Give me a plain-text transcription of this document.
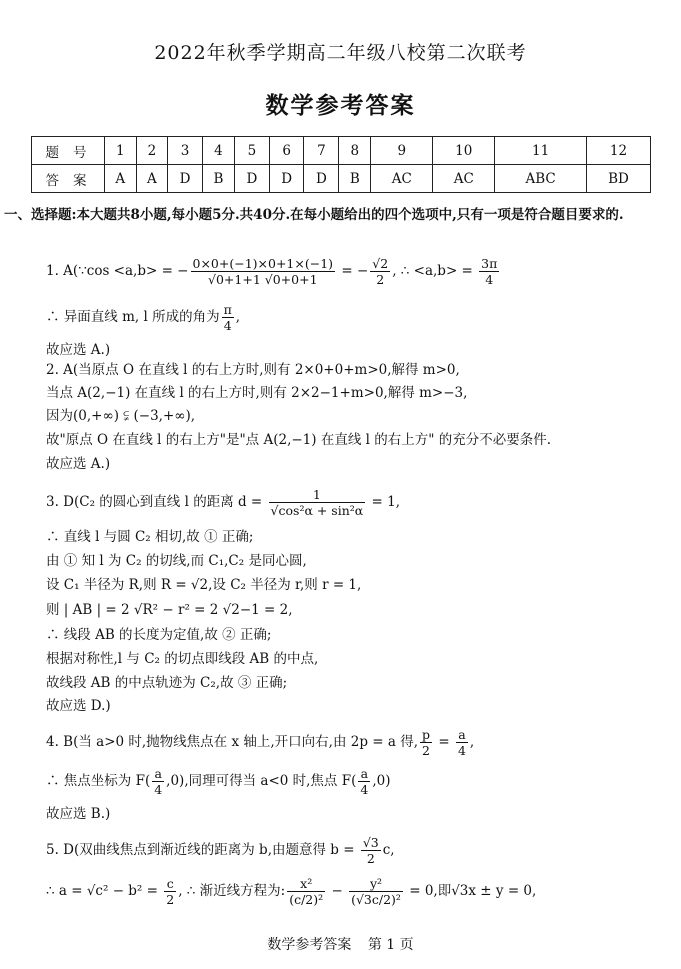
2022年秋季学期高二年级八校第二次联考
数学参考答案
题号	1	2	3	4	5	6	7	8	9	10	11	12
答案	A	A	D	B	D	D	D	B	AC	AC	ABC	BD
一、选择题:本大题共8小题,每小题5分.共40分.在每小题给出的四个选项中,只有一项是符合题目要求的.
1. A(∵cos <a,b> = − $\frac{0\times 0+(-1)\times 0+1\times(-1)}{√0+1+1 √0+0+1}$ = − $\frac{√2}{2}$ , ∴ $<a,b> = \frac{3\pi}{4}$
∴ 异面直线 m, l 所成的角为 $\frac{\pi}{4}$ ,
故应选 A.)
2. A(当原点 O 在直线 l 的右上方时,则有 2×0+0+m>0,解得 m>0,
当点 A(2,−1) 在直线 l 的右上方时,则有 2×2−1+m>0,解得 m>−3,
因为(0,+∞) ⫋ (−3,+∞),
故"原点 O 在直线 l 的右上方"是"点 A(2,−1) 在直线 l 的右上方" 的充分不必要条件.
故应选 A.)
3. D(C₂ 的圆心到直线 l 的距离 $d = \frac{1}{\text{√cos²α + sin²α}} = 1$,
∴ 直线 l 与圆 C₂ 相切,故 ① 正确;
由 ① 知 l 为 C₂ 的切线,而 C₁,C₂ 是同心圆,
设 C₁ 半径为 R,则 R = √2,设 C₂ 半径为 r,则 r = 1,
则 | AB | = 2 √R² − r² = 2 √2−1 = 2,
∴ 线段 AB 的长度为定值,故 ② 正确;
根据对称性,l 与 C₂ 的切点即线段 AB 的中点,
故线段 AB 的中点轨迹为 C₂,故 ③ 正确;
故应选 D.)
4. B(当 a>0 时,抛物线焦点在 x 轴上,开口向右,由 2p = a 得, $\frac{p}{2} = \frac{a}{4}$ ,
∴ 焦点坐标为 $F( \frac{a}{4} ,0)$,同理可得当 a<0 时,焦点 $F( \frac{a}{4} ,0)$
故应选 B.)
5. D(双曲线焦点到渐近线的距离为 b,由题意得 $b = \frac{√3}{2} c$,
∴ $a = √c^2 - b^2 = \frac{c}{2}$ , ∴ 渐近线方程为: $\frac{\text{x²}}{\text{(c/2)²}} - \frac{\text{y²}}{\text{(√3c/2)²}} = 0$,即√3x ± y = 0,
数学参考答案 第 1 页
